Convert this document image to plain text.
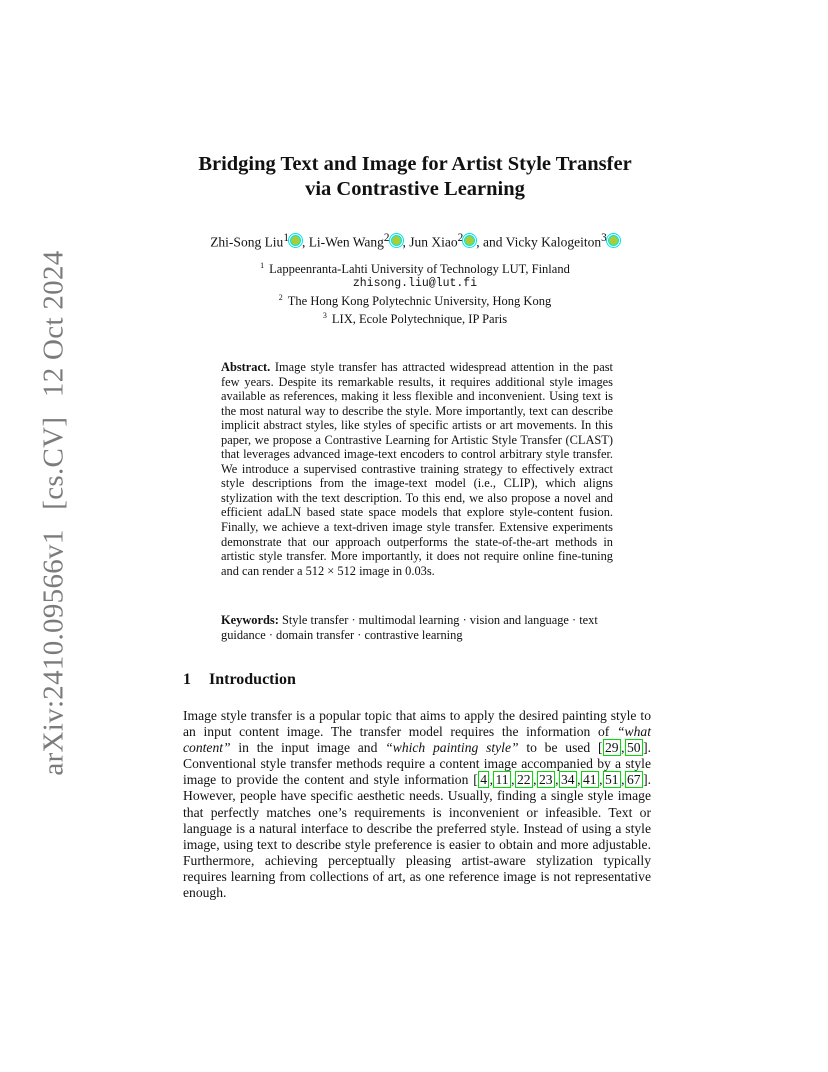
arXiv:2410.09566v1 [cs.CV] 12 Oct 2024
Bridging Text and Image for Artist Style Transfer
via Contrastive Learning
Zhi-Song Liu$^1$ , Li-Wen Wang$^2$ , Jun Xiao$^2$ , and Vicky Kalogeiton$^3$
$^1$ Lappeenranta-Lahti University of Technology LUT, Finland
zhisong.liu@lut.fi
$^2$ The Hong Kong Polytechnic University, Hong Kong
$^3$ LIX, Ecole Polytechnique, IP Paris
Abstract. Image style transfer has attracted widespread attention in the past few years. Despite its remarkable results, it requires additional style images available as references, making it less flexible and inconvenient. Using text is the most natural way to describe the style. More importantly, text can describe implicit abstract styles, like styles of specific artists or art movements. In this paper, we propose a Contrastive Learning for Artistic Style Transfer (CLAST) that leverages advanced image-text encoders to control arbitrary style transfer. We introduce a supervised contrastive training strategy to effectively extract style descriptions from the image-text model (i.e., CLIP), which aligns stylization with the text description. To this end, we also propose a novel and efficient adaLN based state space models that explore style-content fusion. Finally, we achieve a text-driven image style transfer. Extensive experiments demonstrate that our approach outperforms the state-of-the-art methods in artistic style transfer. More importantly, it does not require online fine-tuning and can render a 512 × 512 image in 0.03s.
Keywords: Style transfer · multimodal learning · vision and language · text guidance · domain transfer · contrastive learning
1 Introduction
Image style transfer is a popular topic that aims to apply the desired painting style to an input content image. The transfer model requires the information of “what content” in the input image and “which painting style” to be used [ 29 , 50 ]. Conventional style transfer methods require a content image accompanied by a style image to provide the content and style information [ 4 , 11 , 22 , 23 , 34 , 41 , 51 , 67 ]. However, people have specific aesthetic needs. Usually, finding a single style image that perfectly matches one’s requirements is inconvenient or infeasible. Text or language is a natural interface to describe the preferred style. Instead of using a style image, using text to describe style preference is easier to obtain and more adjustable. Furthermore, achieving perceptually pleasing artist-aware stylization typically requires learning from collections of art, as one reference image is not representative enough.
